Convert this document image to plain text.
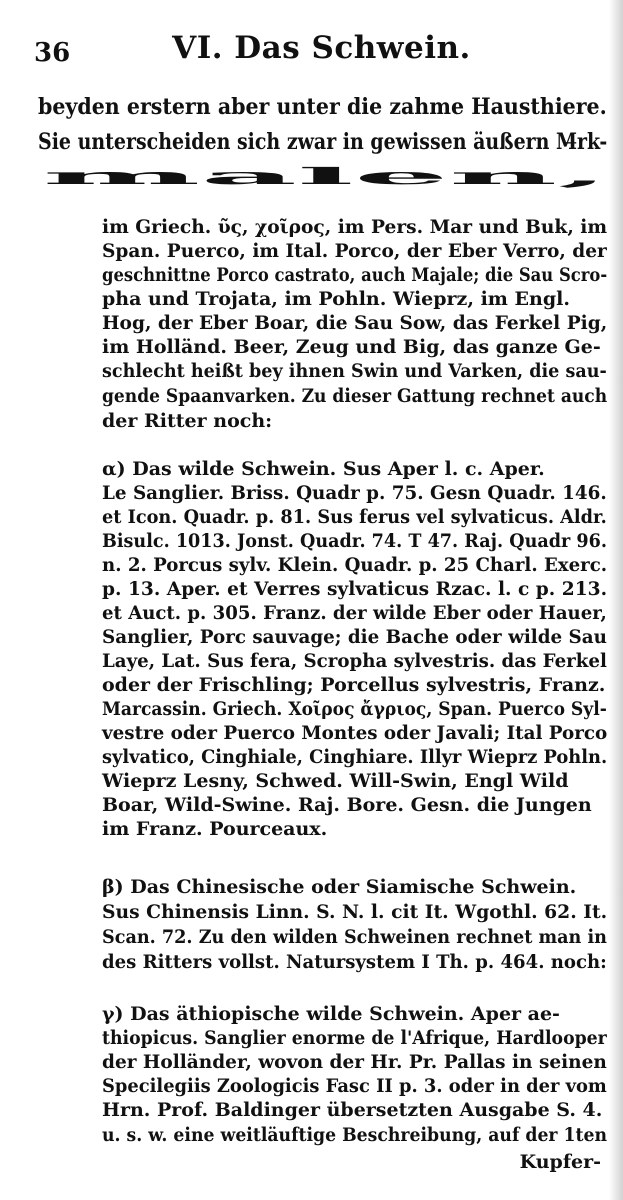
36	VI. Das Schwein.
beyden erstern aber unter die zahme Hausthiere.
Sie unterscheiden sich zwar in gewissen äußern M̶rk-
malen,
im Griech. ῦς, χοῖρος, im Pers. Mar und Buk, im
Span. Puerco, im Ital. Porco, der Eber Verro, der
geschnittne Porco castrato, auch Majale; die Sau Scro-
pha und Trojata, im Pohln. Wieprz, im Engl.
Hog, der Eber Boar, die Sau Sow, das Ferkel Pig,
im Holländ. Beer, Zeug und Big, das ganze Ge-
schlecht heißt bey ihnen Swin und Varken, die sau-
gende Spaanvarken. Zu dieser Gattung rechnet auch
der Ritter noch:
α) Das wilde Schwein. Sus Aper l. c. Aper.
Le Sanglier. Briss. Quadr p. 75. Gesn Quadr. 146.
et Icon. Quadr. p. 81. Sus ferus vel sylvaticus. Aldr.
Bisulc. 1013. Jonst. Quadr. 74. T 47. Raj. Quadr 96.
n. 2. Porcus sylv. Klein. Quadr. p. 25 Charl. Exerc.
p. 13. Aper. et Verres sylvaticus Rzac. l. c p. 213.
et Auct. p. 305. Franz. der wilde Eber oder Hauer,
Sanglier, Porc sauvage; die Bache oder wilde Sau
Laye, Lat. Sus fera, Scropha sylvestris. das Ferkel
oder der Frischling; Porcellus sylvestris, Franz.
Marcassin. Griech. Χοῖρος ἄγριος, Span. Puerco Syl-
vestre oder Puerco Montes oder Javali; Ital Porco
sylvatico, Cinghiale, Cinghiare. Illyr Wieprz Pohln.
Wieprz Lesny, Schwed. Will-Swin, Engl Wild
Boar, Wild-Swine. Raj. Bore. Gesn. die Jungen
im Franz. Pourceaux.
β) Das Chinesische oder Siamische Schwein.
Sus Chinensis Linn. S. N. l. cit It. Wgothl. 62. It.
Scan. 72. Zu den wilden Schweinen rechnet man in
des Ritters vollst. Natursystem I Th. p. 464. noch:
γ) Das äthiopische wilde Schwein. Aper ae-
thiopicus. Sanglier enorme de l'Afrique, Hardlooper
der Holländer, wovon der Hr. Pr. Pallas in seinen
Specilegiis Zoologicis Fasc II p. 3. oder in der vom
Hrn. Prof. Baldinger übersetzten Ausgabe S. 4.
u. s. w. eine weitläuftige Beschreibung, auf der 1ten
Kupfer-
